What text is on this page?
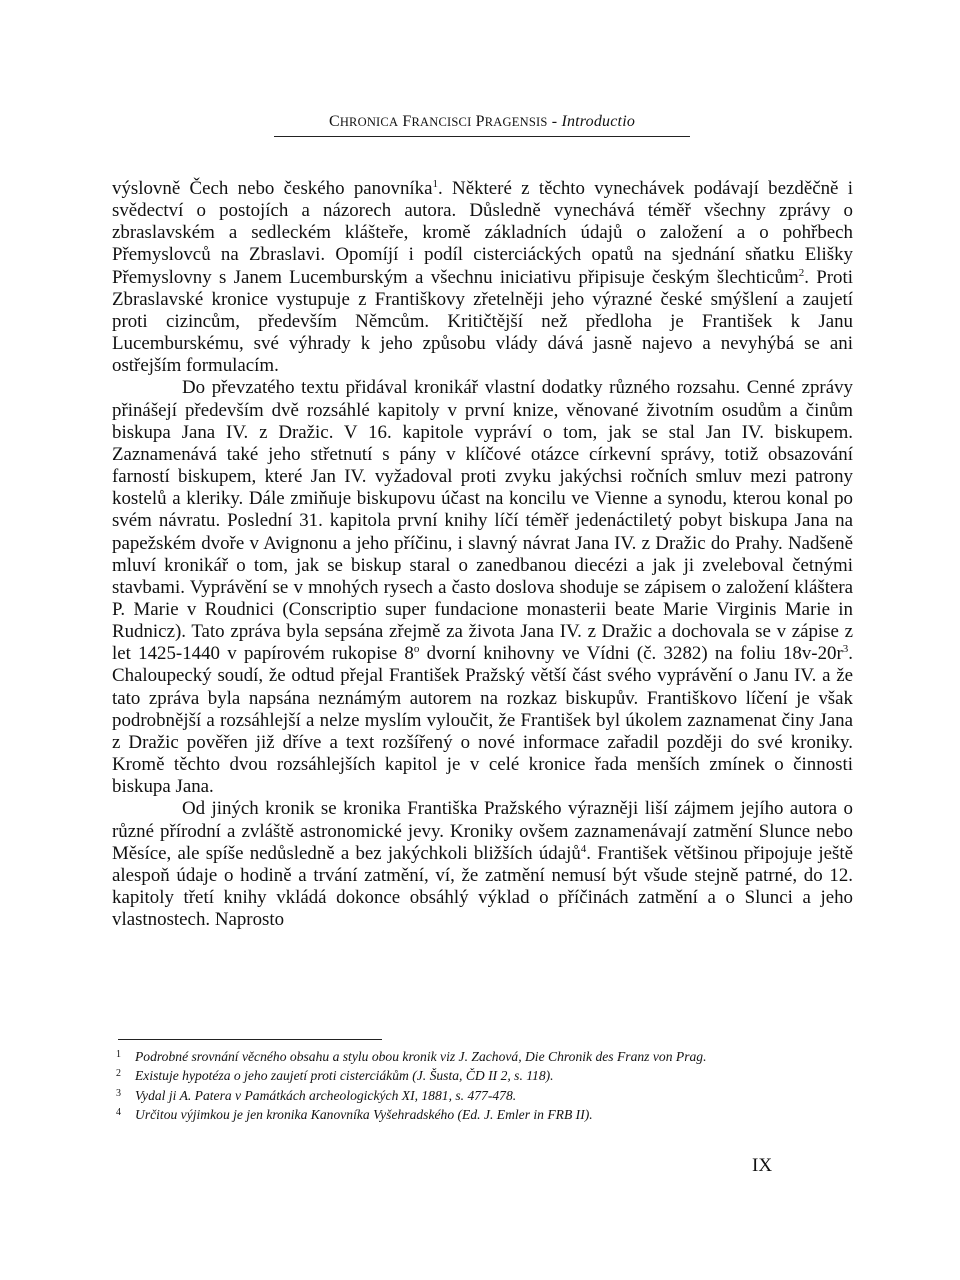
CHRONICA FRANCISCI PRAGENSIS - Introductio

výslovně Čech nebo českého panovníka$^1$. Některé z těchto vynechávek podávají bezděčně i svědectví o postojích a názorech autora. Důsledně vynechává téměř všechny zprávy o zbraslavském a sedleckém klášteře, kromě základních údajů o založení a o pohřbech Přemyslovců na Zbraslavi. Opomíjí i podíl cisterciáckých opatů na sjednání sňatku Elišky Přemyslovny s Janem Lucemburským a všechnu iniciativu připisuje českým šlechticům$^2$. Proti Zbraslavské kronice vystupuje z Františkovy zřetelněji jeho výrazné české smýšlení a zaujetí proti cizincům, především Němcům. Kritičtější než předloha je František k Janu Lucemburskému, své výhrady k jeho způsobu vlády dává jasně najevo a nevyhýbá se ani ostřejším formulacím.

Do převzatého textu přidával kronikář vlastní dodatky různého rozsahu. Cenné zprávy přinášejí především dvě rozsáhlé kapitoly v první knize, věnované životním osudům a činům biskupa Jana IV. z Dražic. V 16. kapitole vypráví o tom, jak se stal Jan IV. biskupem. Zaznamenává také jeho střetnutí s pány v klíčové otázce církevní správy, totiž obsazování farností biskupem, které Jan IV. vyžadoval proti zvyku jakýchsi ročních smluv mezi patrony kostelů a kleriky. Dále zmiňuje biskupovu účast na koncilu ve Vienne a synodu, kterou konal po svém návratu. Poslední 31. kapitola první knihy líčí téměř jedenáctiletý pobyt biskupa Jana na papežském dvoře v Avignonu a jeho příčinu, i slavný návrat Jana IV. z Dražic do Prahy. Nadšeně mluví kronikář o tom, jak se biskup staral o zanedbanou diecézi a jak ji zveleboval četnými stavbami. Vyprávění se v mnohých rysech a často doslova shoduje se zápisem o založení kláštera P. Marie v Roudnici (Conscriptio super fundacione monasterii beate Marie Virginis Marie in Rudnicz). Tato zpráva byla sepsána zřejmě za života Jana IV. z Dražic a dochovala se v zápise z let 1425-1440 v papírovém rukopise 8$^o$ dvorní knihovny ve Vídni (č. 3282) na foliu $18v-20r^3$. Chaloupecký soudí, že odtud přejal František Pražský větší část svého vyprávění o Janu IV. a že tato zpráva byla napsána neznámým autorem na rozkaz biskupův. Františkovo líčení je však podrobnější a rozsáhlejší a nelze myslím vyloučit, že František byl úkolem zaznamenat činy Jana z Dražic pověřen již dříve a text rozšířený o nové informace zařadil později do své kroniky. Kromě těchto dvou rozsáhlejších kapitol je v celé kronice řada menších zmínek o činnosti biskupa Jana.

Od jiných kronik se kronika Františka Pražského výrazněji liší zájmem jejího autora o různé přírodní a zvláště astronomické jevy. Kroniky ovšem zaznamenávají zatmění Slunce nebo Měsíce, ale spíše nedůsledně a bez jakýchkoli bližších údajů$^4$. František většinou připojuje ještě alespoň údaje o hodině a trvání zatmění, ví, že zatmění nemusí být všude stejně patrné, do 12. kapitoly třetí knihy vkládá dokonce obsáhlý výklad o příčinách zatmění a o Slunci a jeho vlastnostech. Naprosto

1	Podrobné srovnání věcného obsahu a stylu obou kronik viz J. Zachová, Die Chronik des Franz von Prag.
2	Existuje hypotéza o jeho zaujetí proti cisterciákům (J. Šusta, ČD II 2, s. 118).
3	Vydal ji A. Patera v Památkách archeologických XI, 1881, s. 477-478.
4	Určitou výjimkou je jen kronika Kanovníka Vyšehradského (Ed. J. Emler in FRB II).
IX
